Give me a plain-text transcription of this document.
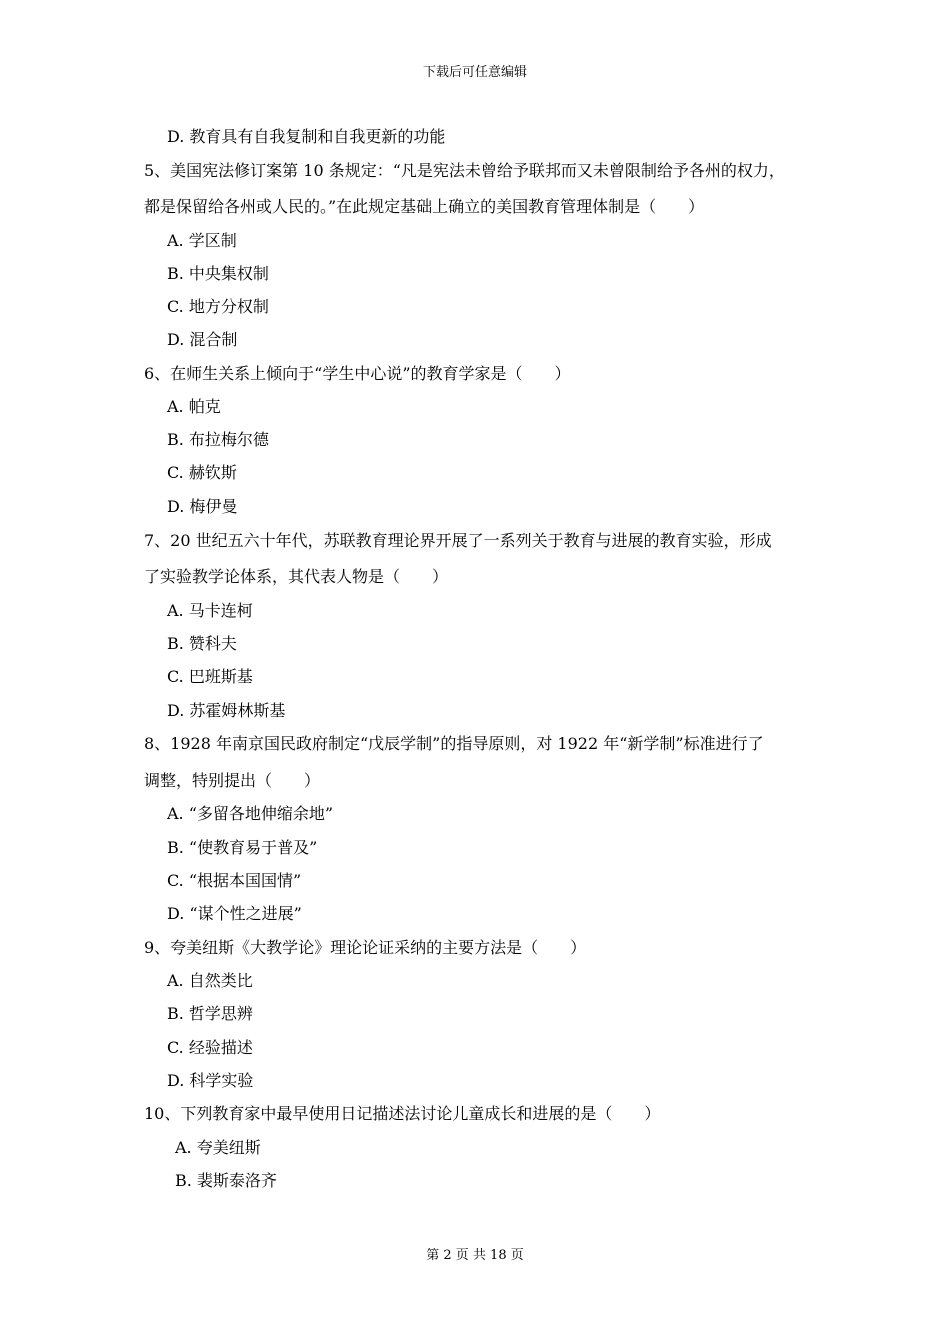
下载后可任意编辑
D. 教育具有自我复制和自我更新的功能
5、美国宪法修订案第 10 条规定：“凡是宪法未曾给予联邦而又未曾限制给予各州的权力，
都是保留给各州或人民的。”在此规定基础上确立的美国教育管理体制是（　　）
A. 学区制
B. 中央集权制
C. 地方分权制
D. 混合制
6、在师生关系上倾向于“学生中心说”的教育学家是（　　）
A. 帕克
B. 布拉梅尔德
C. 赫钦斯
D. 梅伊曼
7、20 世纪五六十年代，苏联教育理论界开展了一系列关于教育与进展的教育实验，形成
了实验教学论体系，其代表人物是（　　）
A. 马卡连柯
B. 赞科夫
C. 巴班斯基
D. 苏霍姆林斯基
8、1928 年南京国民政府制定“戊辰学制”的指导原则，对 1922 年“新学制”标准进行了
调整，特别提出（　　）
A. “多留各地伸缩余地”
B. “使教育易于普及”
C. “根据本国国情”
D. “谋个性之进展”
9、夸美纽斯《大教学论》理论论证采纳的主要方法是（　　）
A. 自然类比
B. 哲学思辨
C. 经验描述
D. 科学实验
10、下列教育家中最早使用日记描述法讨论儿童成长和进展的是（　　）
A. 夸美纽斯
B. 裴斯泰洛齐
第 2 页 共 18 页
